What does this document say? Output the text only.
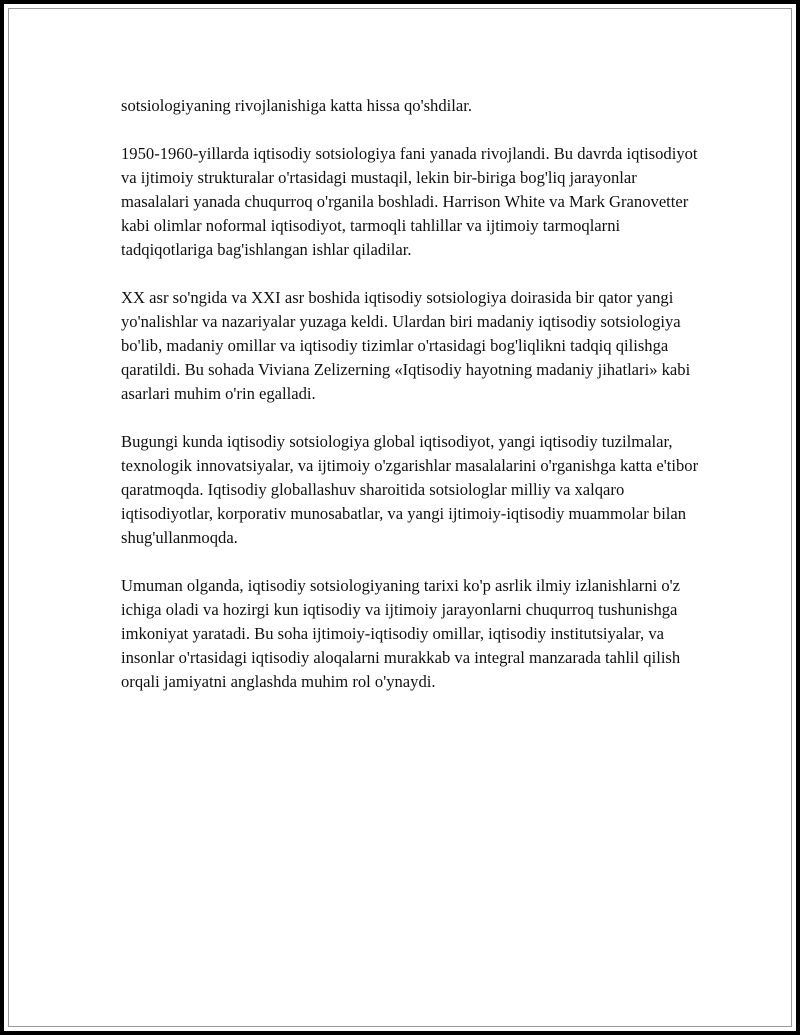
sotsiologiyaning rivojlanishiga katta hissa qo'shdilar.

1950-1960-yillarda iqtisodiy sotsiologiya fani yanada rivojlandi. Bu davrda iqtisodiyot va ijtimoiy strukturalar o'rtasidagi mustaqil, lekin bir-biriga bog'liq jarayonlar masalalari yanada chuqurroq o'rganila boshladi. Harrison White va Mark Granovetter kabi olimlar noformal iqtisodiyot, tarmoqli tahlillar va ijtimoiy tarmoqlarni tadqiqotlariga bag'ishlangan ishlar qiladilar.

XX asr so'ngida va XXI asr boshida iqtisodiy sotsiologiya doirasida bir qator yangi yo'nalishlar va nazariyalar yuzaga keldi. Ulardan biri madaniy iqtisodiy sotsiologiya bo'lib, madaniy omillar va iqtisodiy tizimlar o'rtasidagi bog'liqlikni tadqiq qilishga qaratildi. Bu sohada Viviana Zelizerning «Iqtisodiy hayotning madaniy jihatlari» kabi asarlari muhim o'rin egalladi.

Bugungi kunda iqtisodiy sotsiologiya global iqtisodiyot, yangi iqtisodiy tuzilmalar, texnologik innovatsiyalar, va ijtimoiy o'zgarishlar masalalarini o'rganishga katta e'tibor qaratmoqda. Iqtisodiy globallashuv sharoitida sotsiologlar milliy va xalqaro iqtisodiyotlar, korporativ munosabatlar, va yangi ijtimoiy-iqtisodiy muammolar bilan shug'ullanmoqda.

Umuman olganda, iqtisodiy sotsiologiyaning tarixi ko'p asrlik ilmiy izlanishlarni o'z ichiga oladi va hozirgi kun iqtisodiy va ijtimoiy jarayonlarni chuqurroq tushunishga imkoniyat yaratadi. Bu soha ijtimoiy-iqtisodiy omillar, iqtisodiy institutsiyalar, va insonlar o'rtasidagi iqtisodiy aloqalarni murakkab va integral manzarada tahlil qilish orqali jamiyatni anglashda muhim rol o'ynaydi.
